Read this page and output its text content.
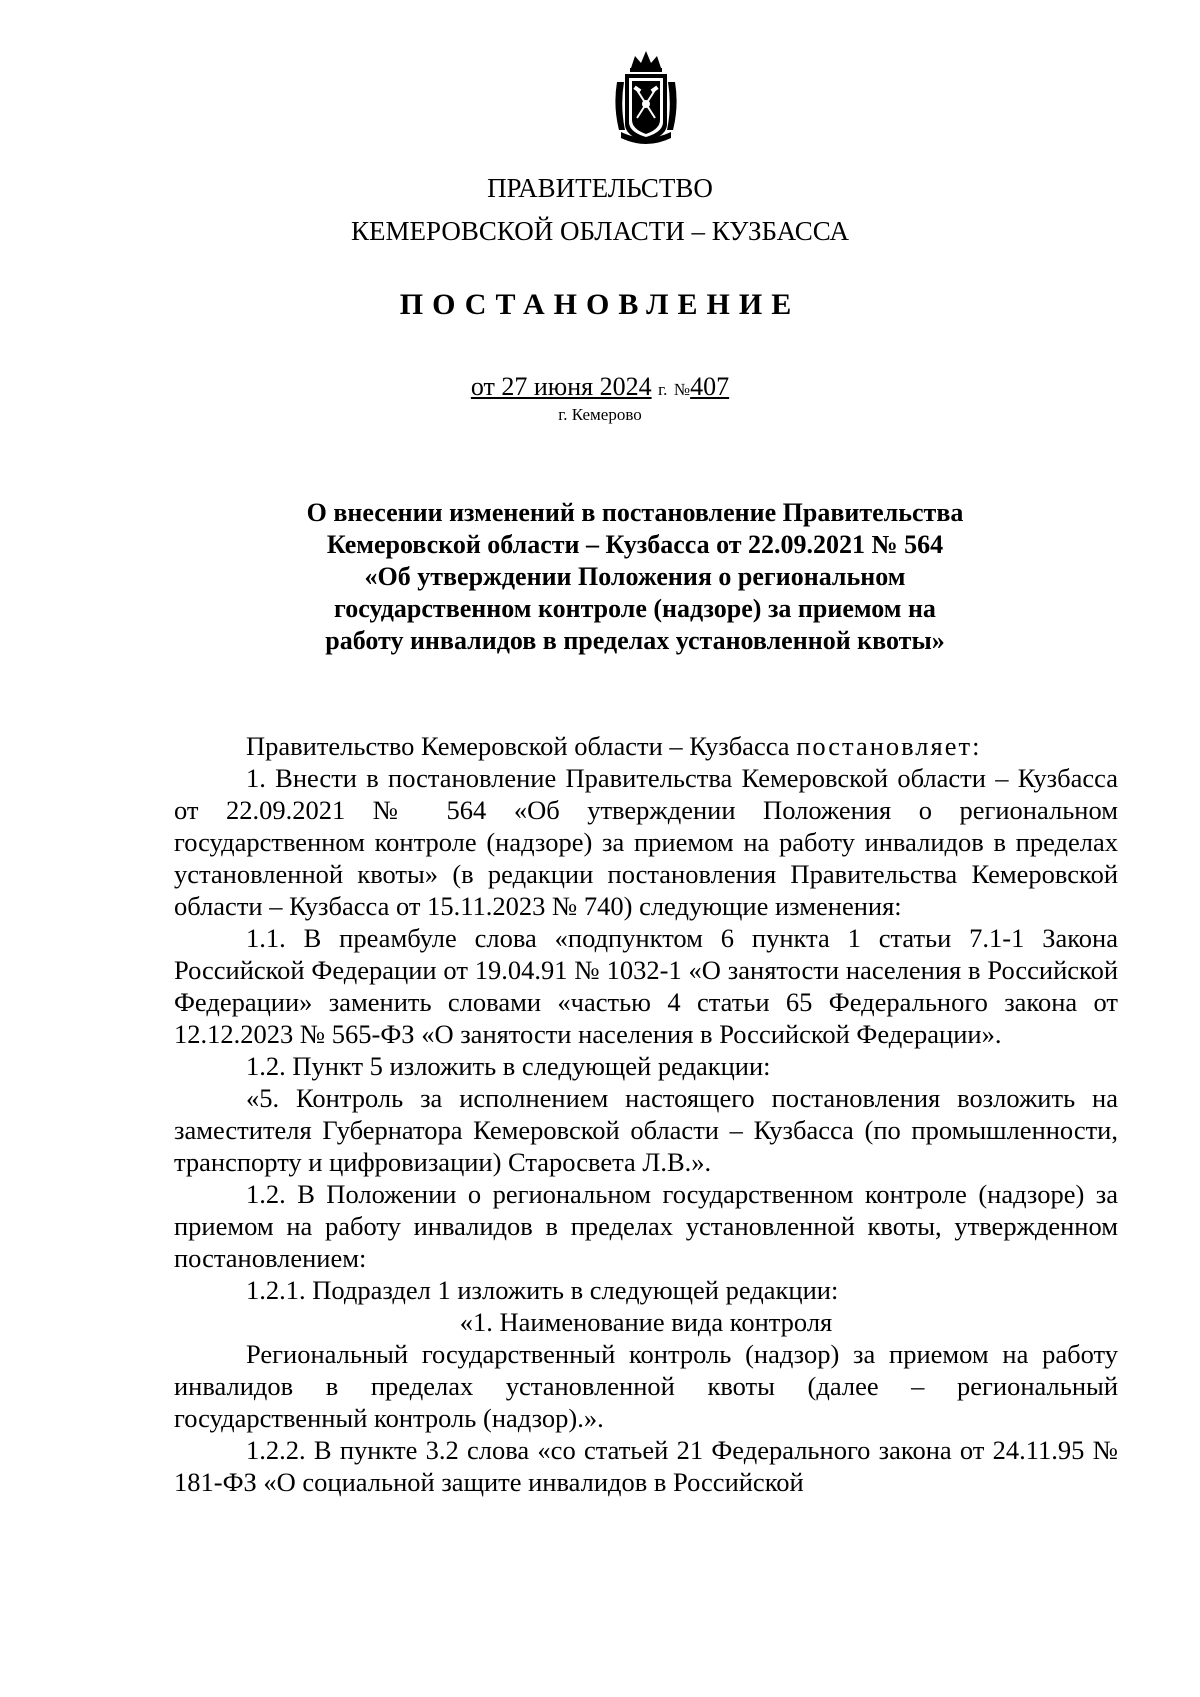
ПРАВИТЕЛЬСТВО
КЕМЕРОВСКОЙ ОБЛАСТИ – КУЗБАССА
ПОСТАНОВЛЕНИЕ
от 27 июня 2024 г. №407
г. Кемерово
О внесении изменений в постановление Правительства
Кемеровской области – Кузбасса от 22.09.2021 № 564
«Об утверждении Положения о региональном
государственном контроле (надзоре) за приемом на
работу инвалидов в пределах установленной квоты»

Правительство Кемеровской области – Кузбасса постановляет:

1. Внести в постановление Правительства Кемеровской области – Кузбасса от 22.09.2021 № 564 «Об утверждении Положения о региональном государственном контроле (надзоре) за приемом на работу инвалидов в пределах установленной квоты» (в редакции постановления Правительства Кемеровской области – Кузбасса от 15.11.2023 № 740) следующие изменения:

1.1. В преамбуле слова «подпунктом 6 пункта 1 статьи 7.1-1 Закона Российской Федерации от 19.04.91 № 1032-1 «О занятости населения в Российской Федерации» заменить словами «частью 4 статьи 65 Федерального закона от 12.12.2023 № 565-ФЗ «О занятости населения в Российской Федерации».

1.2. Пункт 5 изложить в следующей редакции:

«5. Контроль за исполнением настоящего постановления возложить на заместителя Губернатора Кемеровской области – Кузбасса (по промышленности, транспорту и цифровизации) Старосвета Л.В.».

1.2. В Положении о региональном государственном контроле (надзоре) за приемом на работу инвалидов в пределах установленной квоты, утвержденном постановлением:

1.2.1. Подраздел 1 изложить в следующей редакции:

«1. Наименование вида контроля

Региональный государственный контроль (надзор) за приемом на работу инвалидов в пределах установленной квоты (далее – региональный государственный контроль (надзор).».

1.2.2. В пункте 3.2 слова «со статьей 21 Федерального закона от 24.11.95 № 181-ФЗ «О социальной защите инвалидов в Российской
